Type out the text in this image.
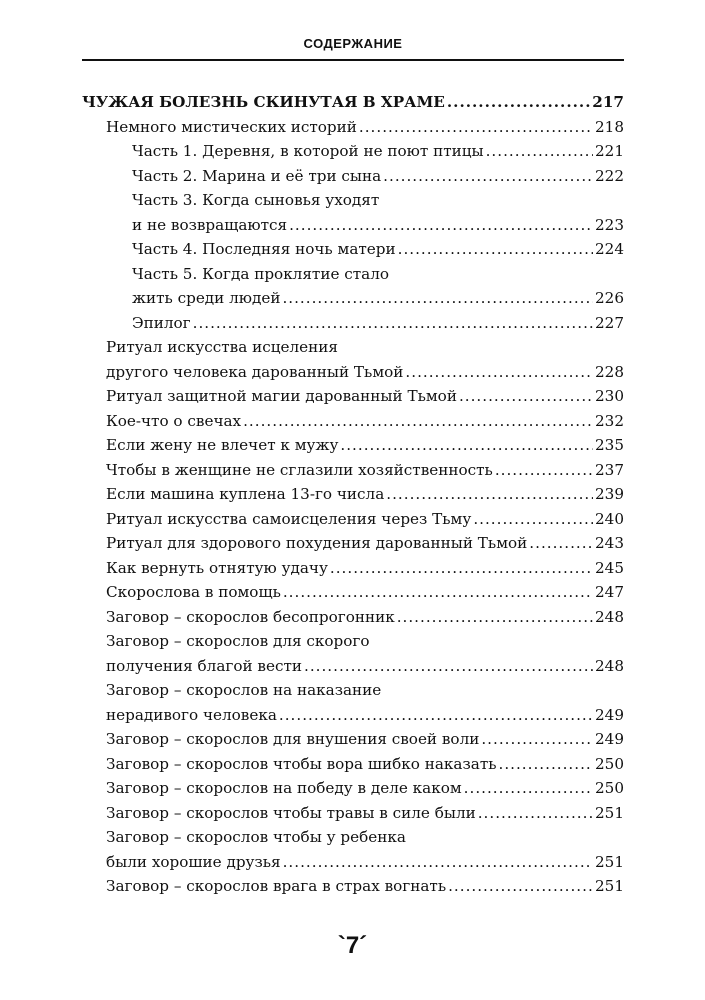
СОДЕРЖАНИЕ
ЧУЖАЯ БОЛЕЗНЬ СКИНУТАЯ В ХРАМЕ .....	217
Немного мистических историй .....	218
Часть 1. Деревня, в которой не поют птицы .....	221
Часть 2. Марина и её три сына .....	222
Часть 3. Когда сыновья уходят
и не возвращаются .....	223
Часть 4. Последняя ночь матери .....	224
Часть 5. Когда проклятие стало
жить среди людей .....	226
Эпилог .....	227
Ритуал искусства исцеления
другого человека дарованный Тьмой .....	228
Ритуал защитной магии дарованный Тьмой .....	230
Кое-что о свечах .....	232
Если жену не влечет к мужу .....	235
Чтобы в женщине не сглазили хозяйственность .....	237
Если машина куплена 13-го числа .....	239
Ритуал искусства самоисцеления через Тьму .....	240
Ритуал для здорового похудения дарованный Тьмой .....	243
Как вернуть отнятую удачу .....	245
Скорослова в помощь .....	247
Заговор – скорослов бесопрогонник .....	248
Заговор – скорослов для скорого
получения благой вести .....	248
Заговор – скорослов на наказание
нерадивого человека .....	249
Заговор – скорослов для внушения своей воли .....	249
Заговор – скорослов чтобы вора шибко наказать .....	250
Заговор – скорослов на победу в деле каком .....	250
Заговор – скорослов чтобы травы в силе были .....	251
Заговор – скорослов чтобы у ребенка
были хорошие друзья .....	251
Заговор – скорослов врага в страх вогнать .....	251
`7´
